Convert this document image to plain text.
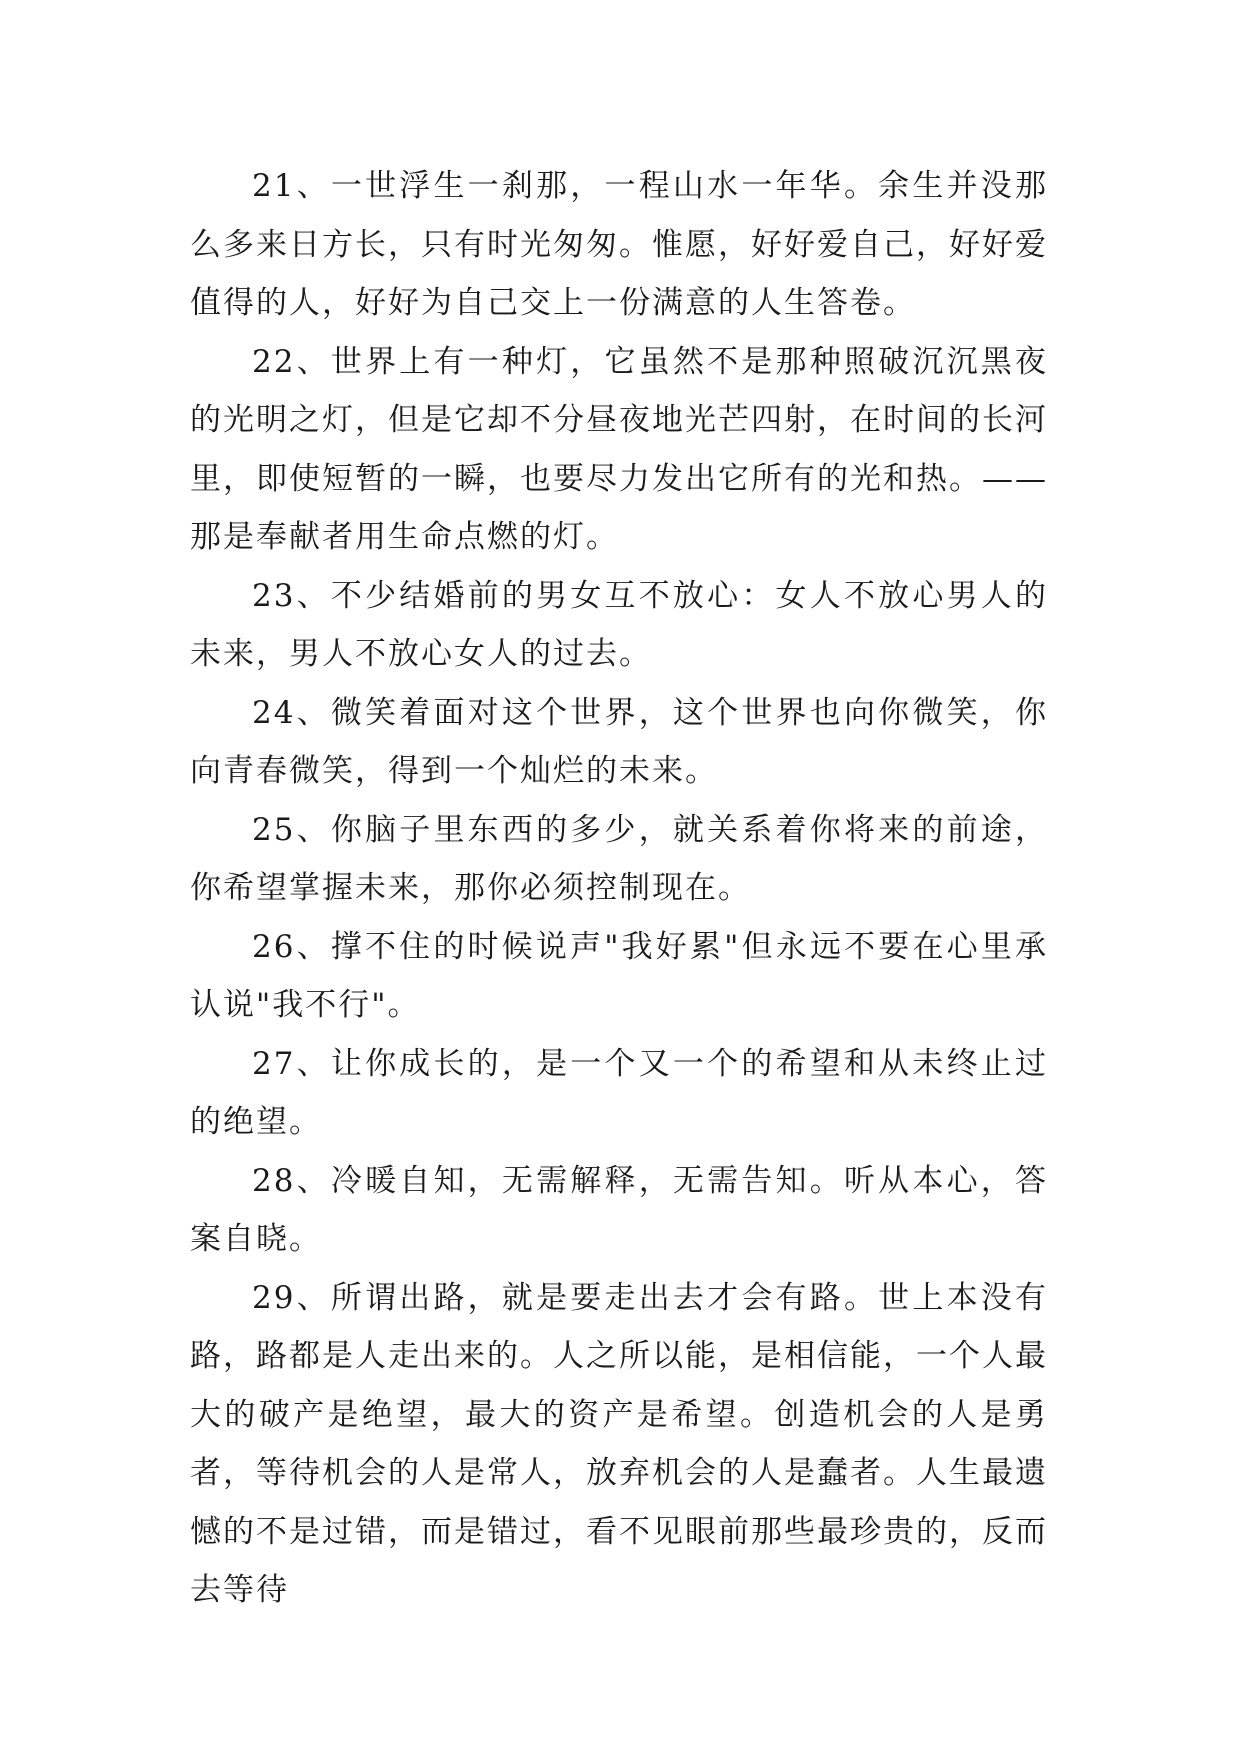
21、一世浮生一刹那，一程山水一年华。余生并没那么多来日方长，只有时光匆匆。惟愿，好好爱自己，好好爱值得的人，好好为自己交上一份满意的人生答卷。

22、世界上有一种灯，它虽然不是那种照破沉沉黑夜的光明之灯，但是它却不分昼夜地光芒四射，在时间的长河里，即使短暂的一瞬，也要尽力发出它所有的光和热。——那是奉献者用生命点燃的灯。

23、不少结婚前的男女互不放心：女人不放心男人的未来，男人不放心女人的过去。

24、微笑着面对这个世界，这个世界也向你微笑，你向青春微笑，得到一个灿烂的未来。

25、你脑子里东西的多少，就关系着你将来的前途，你希望掌握未来，那你必须控制现在。

26、撑不住的时候说声"我好累"但永远不要在心里承认说"我不行"。

27、让你成长的，是一个又一个的希望和从未终止过的绝望。

28、冷暖自知，无需解释，无需告知。听从本心，答案自晓。

29、所谓出路，就是要走出去才会有路。世上本没有路，路都是人走出来的。人之所以能，是相信能，一个人最大的破产是绝望，最大的资产是希望。创造机会的人是勇者，等待机会的人是常人，放弃机会的人是蠢者。人生最遗憾的不是过错，而是错过，看不见眼前那些最珍贵的，反而去等待
